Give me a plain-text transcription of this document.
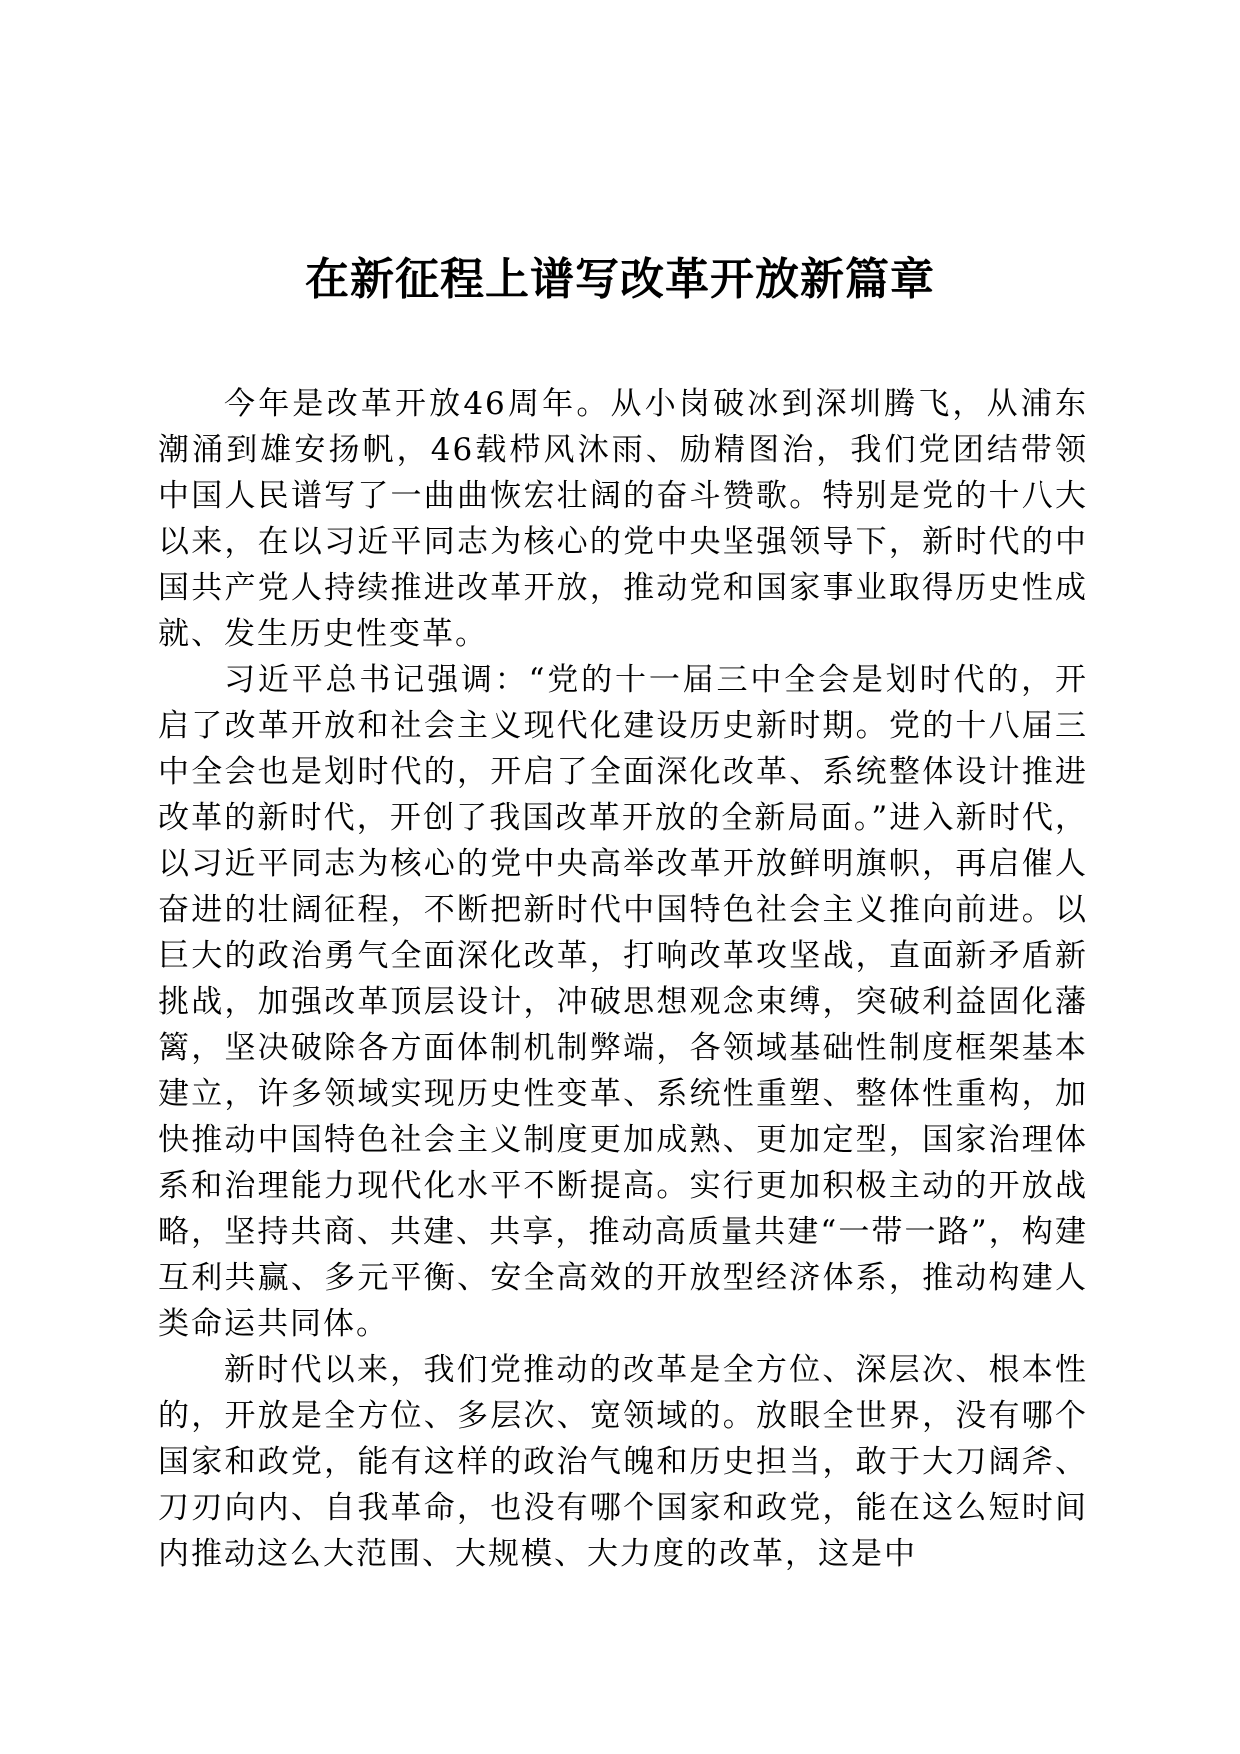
在新征程上谱写改革开放新篇章

今年是改革开放46周年。从小岗破冰到深圳腾飞，从浦东潮涌到雄安扬帆，46载栉风沐雨、励精图治，我们党团结带领中国人民谱写了一曲曲恢宏壮阔的奋斗赞歌。特别是党的十八大以来，在以习近平同志为核心的党中央坚强领导下，新时代的中国共产党人持续推进改革开放，推动党和国家事业取得历史性成就、发生历史性变革。

习近平总书记强调：“党的十一届三中全会是划时代的，开启了改革开放和社会主义现代化建设历史新时期。党的十八届三中全会也是划时代的，开启了全面深化改革、系统整体设计推进改革的新时代，开创了我国改革开放的全新局面。”进入新时代，以习近平同志为核心的党中央高举改革开放鲜明旗帜，再启催人奋进的壮阔征程，不断把新时代中国特色社会主义推向前进。以巨大的政治勇气全面深化改革，打响改革攻坚战，直面新矛盾新挑战，加强改革顶层设计，冲破思想观念束缚，突破利益固化藩篱，坚决破除各方面体制机制弊端，各领域基础性制度框架基本建立，许多领域实现历史性变革、系统性重塑、整体性重构，加快推动中国特色社会主义制度更加成熟、更加定型，国家治理体系和治理能力现代化水平不断提高。实行更加积极主动的开放战略，坚持共商、共建、共享，推动高质量共建“一带一路”，构建互利共赢、多元平衡、安全高效的开放型经济体系，推动构建人类命运共同体。

新时代以来，我们党推动的改革是全方位、深层次、根本性的，开放是全方位、多层次、宽领域的。放眼全世界，没有哪个国家和政党，能有这样的政治气魄和历史担当，敢于大刀阔斧、刀刃向内、自我革命，也没有哪个国家和政党，能在这么短时间内推动这么大范围、大规模、大力度的改革，这是中
